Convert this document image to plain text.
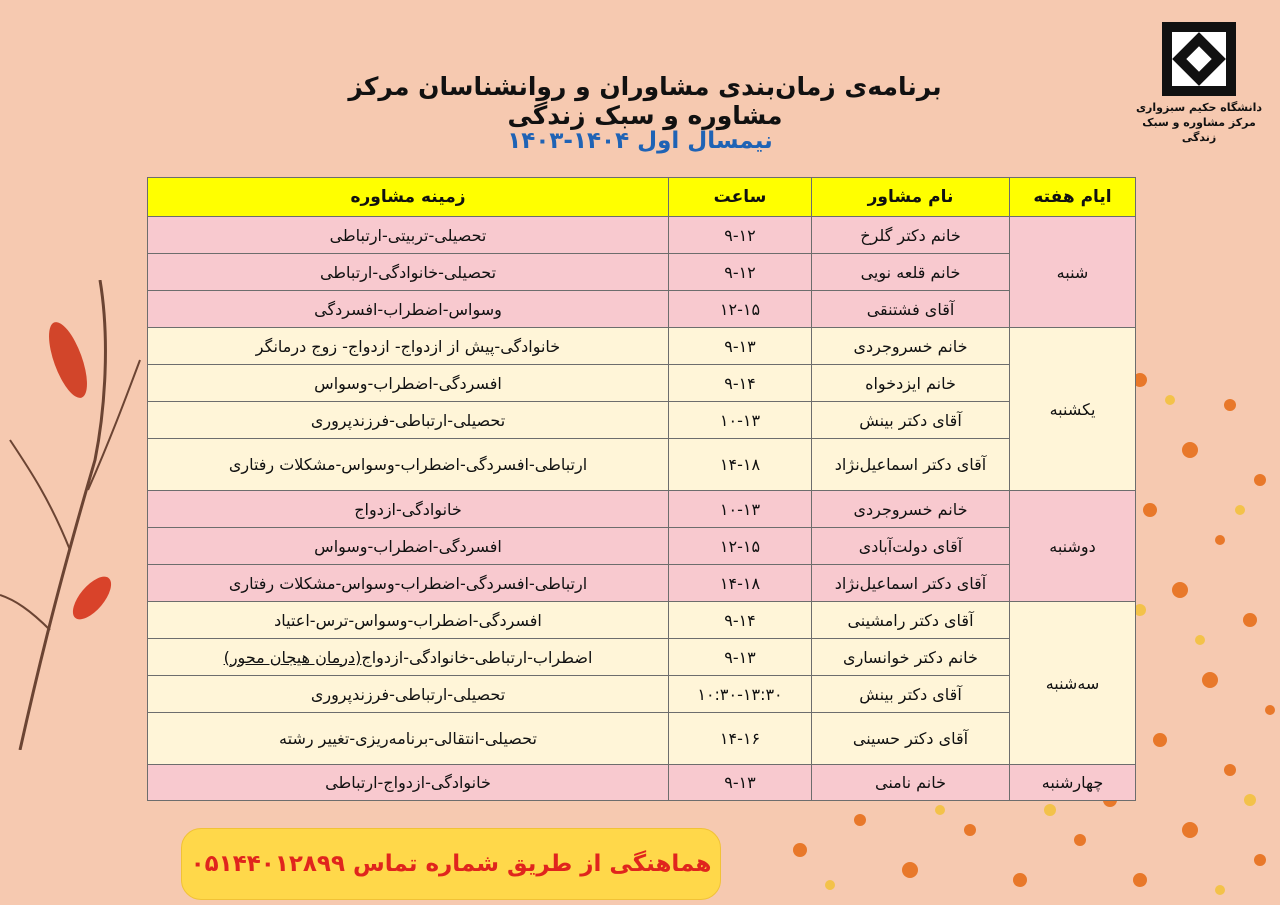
دانشگاه حکیم سبزواری
مرکز مشاوره و سبک زندگی
برنامه‌ی زمان‌بندی مشاوران و روانشناسان مرکز مشاوره و سبک زندگی
نیمسال اول ۱۴۰۴-۱۴۰۳
ایام هفته	نام مشاور	ساعت	زمینه مشاوره
شنبه	خانم دکتر گلرخ	۹-۱۲	تحصیلی-تربیتی-ارتباطی
	خانم قلعه نویی	۹-۱۲	تحصیلی-خانوادگی-ارتباطی
	آقای فشتنقی	۱۲-۱۵	وسواس-اضطراب-افسردگی
یکشنبه	خانم خسروجردی	۹-۱۳	خانوادگی-پیش از ازدواج- ازدواج- زوج درمانگر
	خانم ایزدخواه	۹-۱۴	افسردگی-اضطراب-وسواس
	آقای دکتر بینش	۱۰-۱۳	تحصیلی-ارتباطی-فرزندپروری
	آقای دکتر اسماعیل‌نژاد	۱۴-۱۸	ارتباطی-افسردگی-اضطراب-وسواس-مشکلات رفتاری
دوشنبه	خانم خسروجردی	۱۰-۱۳	خانوادگی-ازدواج
	آقای دولت‌آبادی	۱۲-۱۵	افسردگی-اضطراب-وسواس
	آقای دکتر اسماعیل‌نژاد	۱۴-۱۸	ارتباطی-افسردگی-اضطراب-وسواس-مشکلات رفتاری
سه‌شنبه	آقای دکتر رامشینی	۹-۱۴	افسردگی-اضطراب-وسواس-ترس-اعتیاد
	خانم دکتر خوانساری	۹-۱۳	اضطراب-ارتباطی-خانوادگی-ازدواج(درمان هیجان محور)
	آقای دکتر بینش	۱۰:۳۰-۱۳:۳۰	تحصیلی-ارتباطی-فرزندپروری
	آقای دکتر حسینی	۱۴-۱۶	تحصیلی-انتقالی-برنامه‌ریزی-تغییر رشته
چهارشنبه	خانم نامنی	۹-۱۳	خانوادگی-ازدواج-ارتباطی
هماهنگی از طریق شماره تماس ۰۵۱۴۴۰۱۲۸۹۹
